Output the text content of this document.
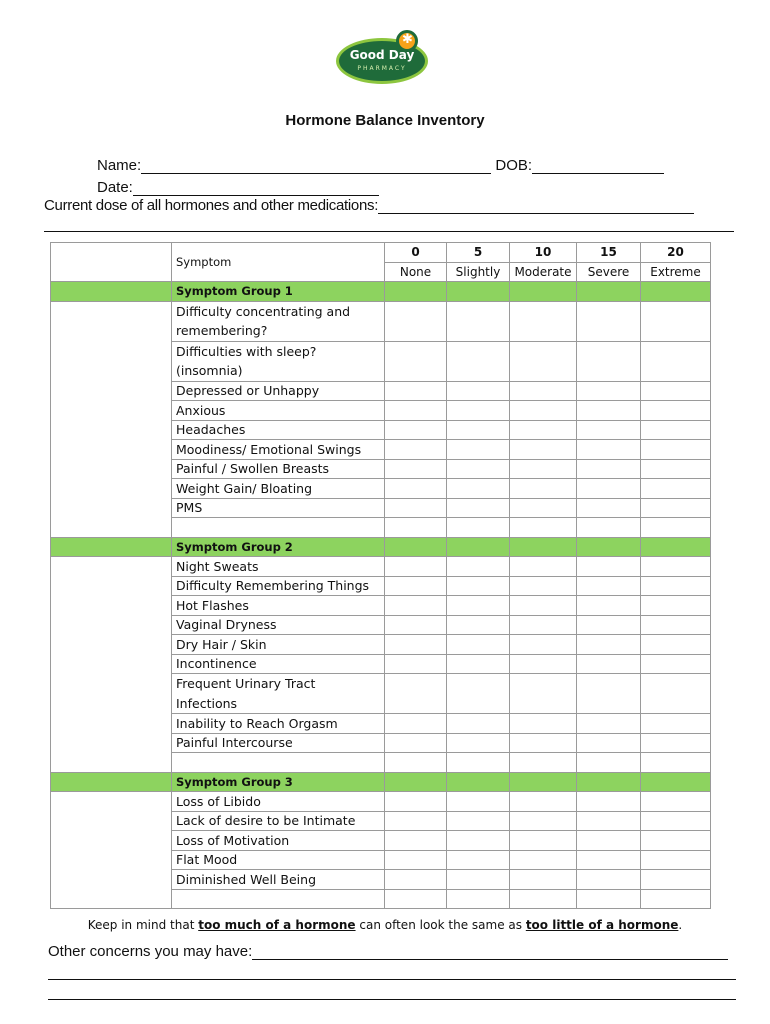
✱
Good Day
PHARMACY
Hormone Balance Inventory
Name:	DOB:
Date:
Current dose of all hormones and other medications:
	Symptom	0	5	10	15	20
		None	Slightly	Moderate	Severe	Extreme
	Symptom Group 1					
	Difficulty concentrating and remembering?					
	Difficulties with sleep? (insomnia)					
	Depressed or Unhappy					
	Anxious					
	Headaches					
	Moodiness/ Emotional Swings					
	Painful / Swollen Breasts					
	Weight Gain/ Bloating					
	PMS					

	Symptom Group 2					
	Night Sweats					
	Difficulty Remembering Things					
	Hot Flashes					
	Vaginal Dryness					
	Dry Hair / Skin					
	Incontinence					
	Frequent Urinary Tract Infections					
	Inability to Reach Orgasm					
	Painful Intercourse					

	Symptom Group 3					
	Loss of Libido					
	Lack of desire to be Intimate					
	Loss of Motivation					
	Flat Mood					
	Diminished Well Being					

Keep in mind that too much of a hormone can often look the same as too little of a hormone.
Other concerns you may have:
